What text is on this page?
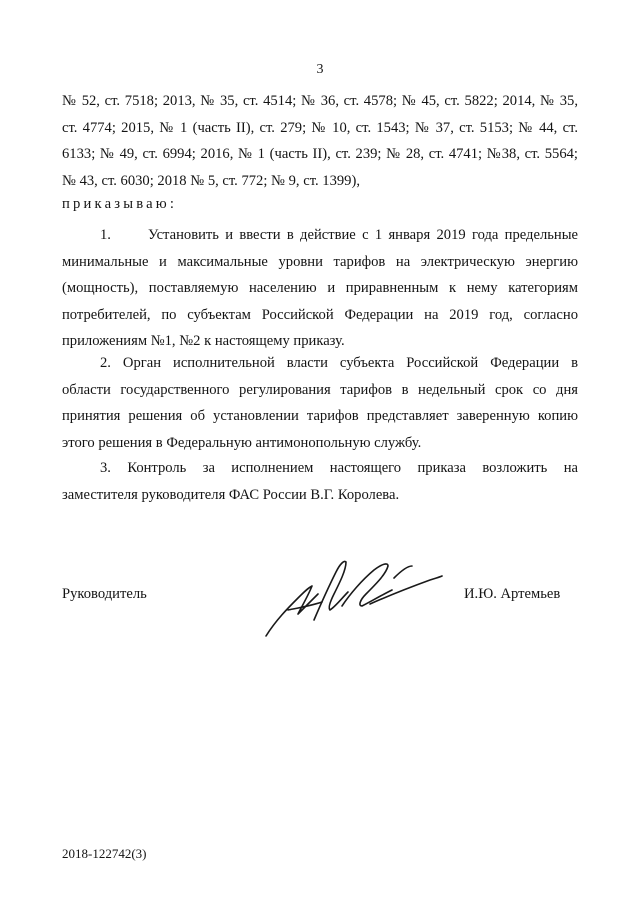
3
№ 52, ст. 7518; 2013, № 35, ст. 4514; № 36, ст. 4578; № 45, ст. 5822; 2014, № 35,
ст. 4774; 2015, № 1 (часть II), ст. 279; № 10, ст. 1543; № 37, ст. 5153; № 44, ст.
6133; № 49, ст. 6994; 2016, № 1 (часть II), ст. 239; № 28, ст. 4741; №38, ст. 5564;
№ 43, ст. 6030; 2018 № 5, ст. 772; № 9, ст. 1399),
приказываю:
1.	Установить и ввести в действие с 1 января 2019 года предельные
минимальные и максимальные уровни тарифов на электрическую энергию
(мощность), поставляемую населению и приравненным к нему категориям
потребителей, по субъектам Российской Федерации на 2019 год, согласно
приложениям №1, №2 к настоящему приказу.
2. Орган исполнительной власти субъекта Российской Федерации в
области государственного регулирования тарифов в недельный срок со дня
принятия решения об установлении тарифов представляет заверенную копию
этого решения в Федеральную антимонопольную службу.
3. Контроль за исполнением настоящего приказа возложить на
заместителя руководителя ФАС России В.Г. Королева.
Руководитель	И.Ю. Артемьев
2018-122742(3)
